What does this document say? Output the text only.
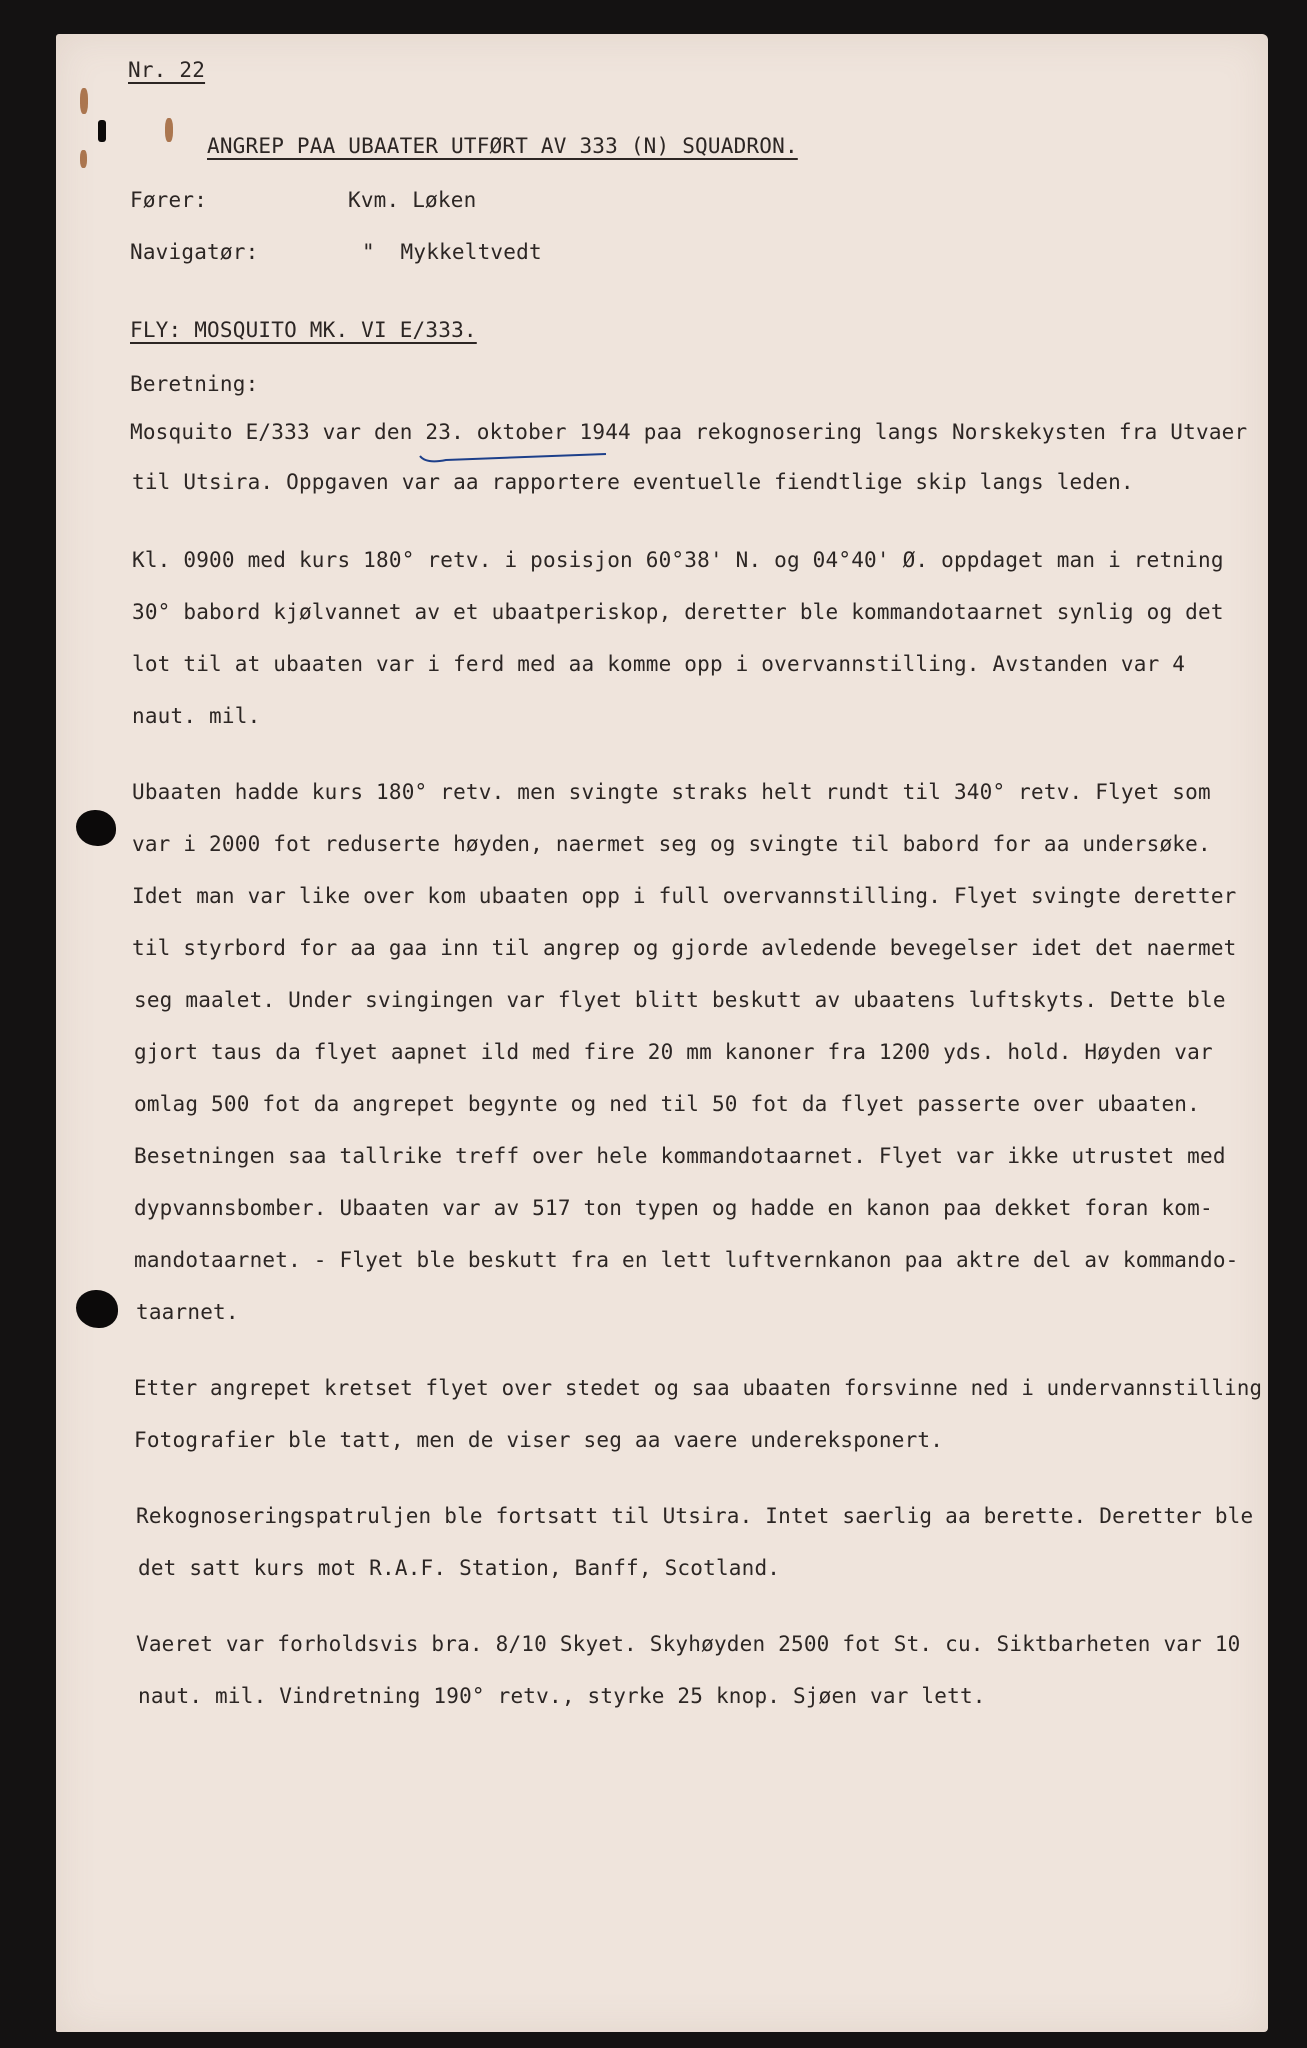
Nr. 22
ANGREP PAA UBAATER UTFØRT AV 333 (N) SQUADRON.
Fører:	Kvm. Løken
Navigatør:	"  Mykkeltvedt
FLY: MOSQUITO MK. VI E/333.
Beretning:
Mosquito E/333 var den 23. oktober 1944 paa rekognosering langs Norskekysten fra Utvaer
til Utsira. Oppgaven var aa rapportere eventuelle fiendtlige skip langs leden.
Kl. 0900 med kurs 180° retv. i posisjon 60°38' N. og 04°40' Ø. oppdaget man i retning
30° babord kjølvannet av et ubaatperiskop, deretter ble kommandotaarnet synlig og det
lot til at ubaaten var i ferd med aa komme opp i overvannstilling. Avstanden var 4
naut. mil.
Ubaaten hadde kurs 180° retv. men svingte straks helt rundt til 340° retv. Flyet som
var i 2000 fot reduserte høyden, naermet seg og svingte til babord for aa undersøke.
Idet man var like over kom ubaaten opp i full overvannstilling. Flyet svingte deretter
til styrbord for aa gaa inn til angrep og gjorde avledende bevegelser idet det naermet
seg maalet. Under svingingen var flyet blitt beskutt av ubaatens luftskyts. Dette ble
gjort taus da flyet aapnet ild med fire 20 mm kanoner fra 1200 yds. hold. Høyden var
omlag 500 fot da angrepet begynte og ned til 50 fot da flyet passerte over ubaaten.
Besetningen saa tallrike treff over hele kommandotaarnet. Flyet var ikke utrustet med
dypvannsbomber. Ubaaten var av 517 ton typen og hadde en kanon paa dekket foran kom-
mandotaarnet. - Flyet ble beskutt fra en lett luftvernkanon paa aktre del av kommando-
taarnet.
Etter angrepet kretset flyet over stedet og saa ubaaten forsvinne ned i undervannstilling
Fotografier ble tatt, men de viser seg aa vaere undereksponert.
Rekognoseringspatruljen ble fortsatt til Utsira. Intet saerlig aa berette. Deretter ble
det satt kurs mot R.A.F. Station, Banff, Scotland.
Vaeret var forholdsvis bra. 8/10 Skyet. Skyhøyden 2500 fot St. cu. Siktbarheten var 10
naut. mil. Vindretning 190° retv., styrke 25 knop. Sjøen var lett.
